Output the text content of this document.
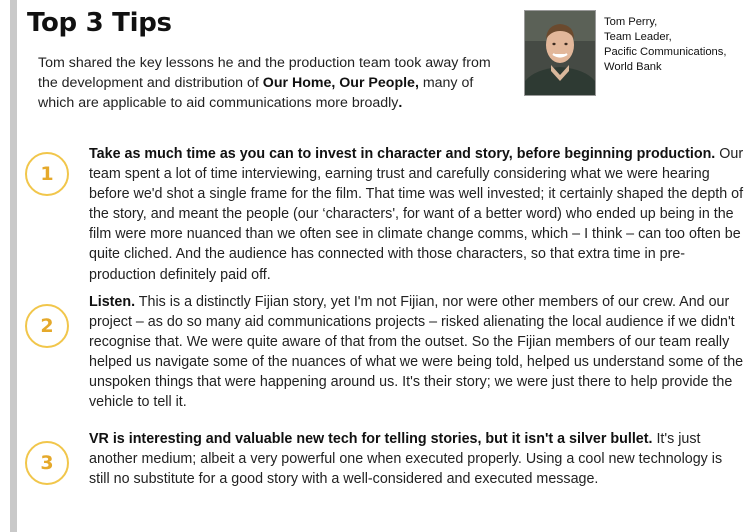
Top 3 Tips

Tom shared the key lessons he and the production team took away from the development and distribution of Our Home, Our People, many of which are applicable to aid communications more broadly.

Tom Perry,
Team Leader,
Pacific Communications,
World Bank
1

Take as much time as you can to invest in character and story, before beginning production. Our team spent a lot of time interviewing, earning trust and carefully considering what we were hearing before we'd shot a single frame for the film. That time was well invested; it certainly shaped the depth of the story, and meant the people (our ‘characters', for want of a better word) who ended up being in the film were more nuanced than we often see in climate change comms, which – I think – can too often be quite cliched. And the audience has connected with those characters, so that extra time in pre-production definitely paid off.

2

Listen. This is a distinctly Fijian story, yet I'm not Fijian, nor were other members of our crew. And our project – as do so many aid communications projects – risked alienating the local audience if we didn't recognise that. We were quite aware of that from the outset. So the Fijian members of our team really helped us navigate some of the nuances of what we were being told, helped us understand some of the unspoken things that were happening around us. It's their story; we were just there to help provide the vehicle to tell it.

3

VR is interesting and valuable new tech for telling stories, but it isn't a silver bullet. It's just another medium; albeit a very powerful one when executed properly. Using a cool new technology is still no substitute for a good story with a well-considered and executed message.
